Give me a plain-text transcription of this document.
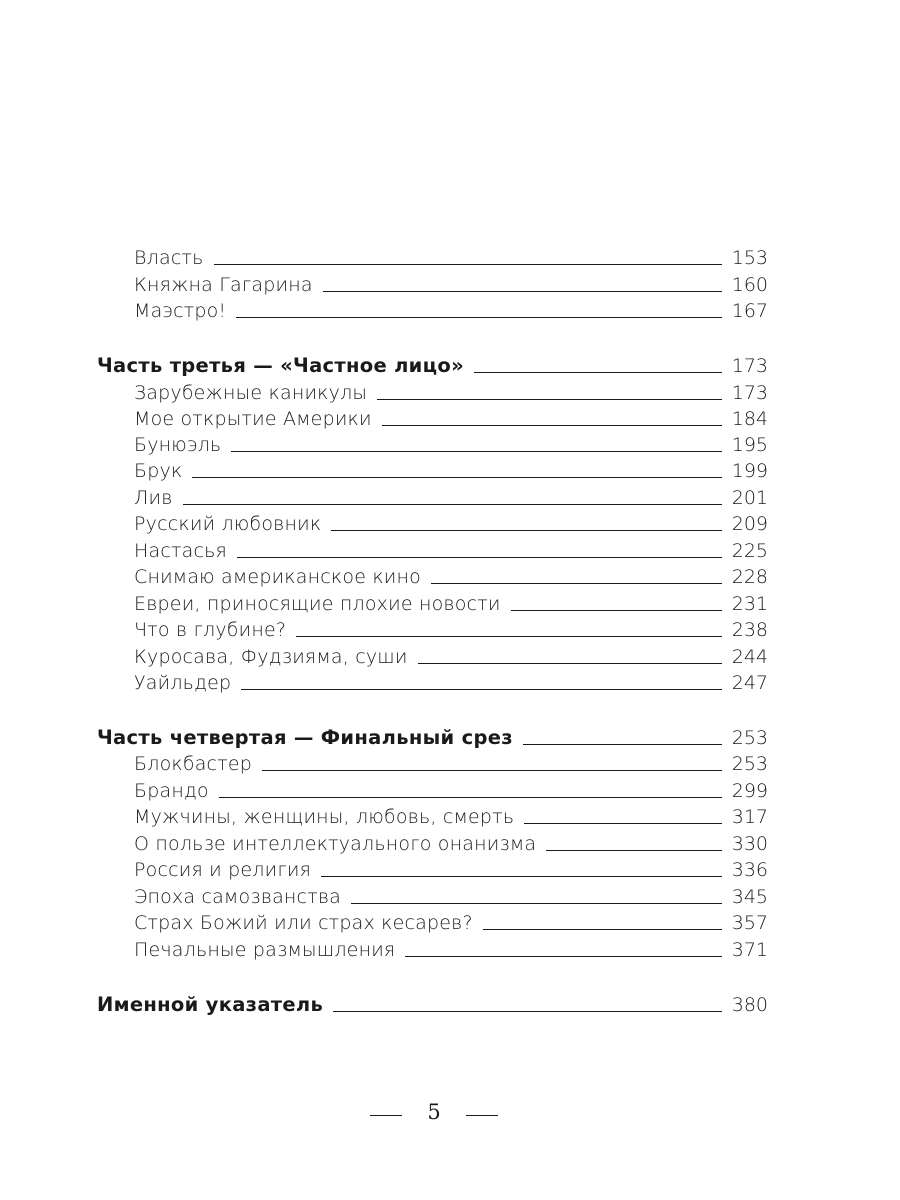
Власть	153
Княжна Гагарина	160
Маэстро!	167
Часть третья — «Частное лицо»	173
Зарубежные каникулы	173
Мое открытие Америки	184
Бунюэль	195
Брук	199
Лив	201
Русский любовник	209
Настасья	225
Снимаю американское кино	228
Евреи, приносящие плохие новости	231
Что в глубине?	238
Куросава, Фудзияма, суши	244
Уайльдер	247
Часть четвертая — Финальный срез	253
Блокбастер	253
Брандо	299
Мужчины, женщины, любовь, смерть	317
О пользе интеллектуального онанизма	330
Россия и религия	336
Эпоха самозванства	345
Страх Божий или страх кесарев?	357
Печальные размышления	371
Именной указатель	380
5
